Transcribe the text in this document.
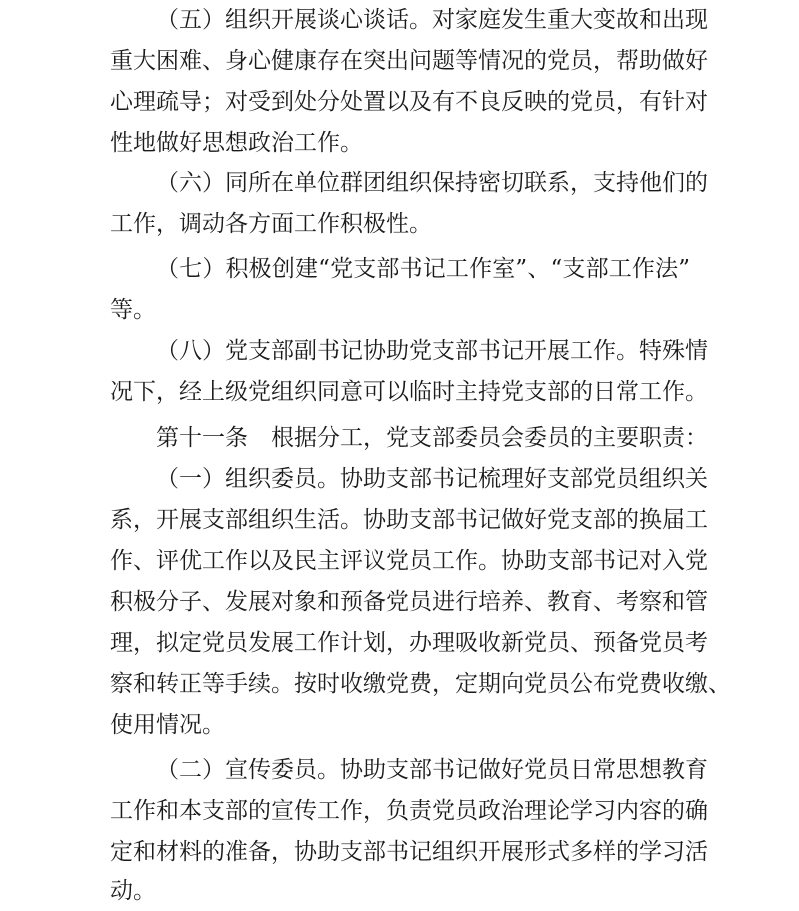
（五）组织开展谈心谈话。对家庭发生重大变故和出现

重大困难、身心健康存在突出问题等情况的党员，帮助做好

心理疏导；对受到处分处置以及有不良反映的党员，有针对

性地做好思想政治工作。

（六）同所在单位群团组织保持密切联系，支持他们的

工作，调动各方面工作积极性。

（七）积极创建“党支部书记工作室”、“支部工作法”

等。

（八）党支部副书记协助党支部书记开展工作。特殊情

况下，经上级党组织同意可以临时主持党支部的日常工作。

第十一条　根据分工，党支部委员会委员的主要职责：

（一）组织委员。协助支部书记梳理好支部党员组织关

系，开展支部组织生活。协助支部书记做好党支部的换届工

作、评优工作以及民主评议党员工作。协助支部书记对入党

积极分子、发展对象和预备党员进行培养、教育、考察和管

理，拟定党员发展工作计划，办理吸收新党员、预备党员考

察和转正等手续。按时收缴党费，定期向党员公布党费收缴、

使用情况。

（二）宣传委员。协助支部书记做好党员日常思想教育

工作和本支部的宣传工作，负责党员政治理论学习内容的确

定和材料的准备，协助支部书记组织开展形式多样的学习活

动。
